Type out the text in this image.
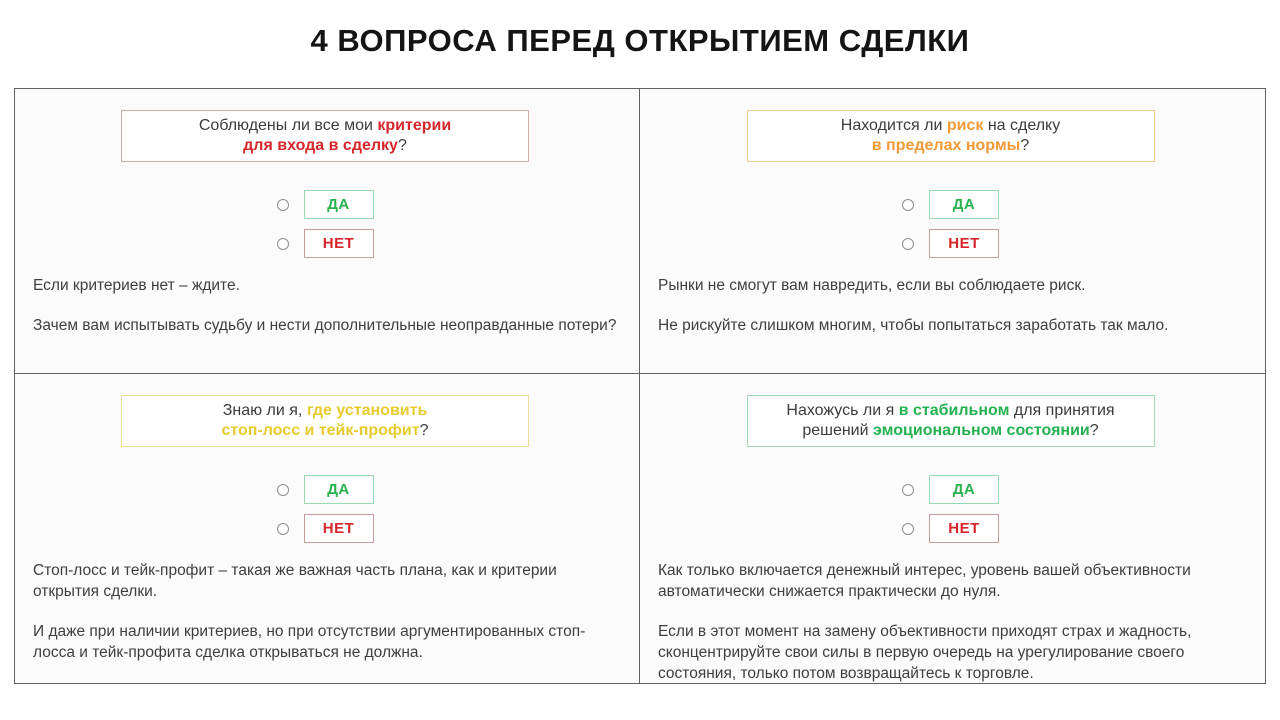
4 ВОПРОСА ПЕРЕД ОТКРЫТИЕМ СДЕЛКИ
Соблюдены ли все мои критерии
для входа в сделку?
ДА
НЕТ

Если критериев нет – ждите.

Зачем вам испытывать судьбу и нести дополнительные неоправданные потери?

Находится ли риск на сделку
в пределах нормы?
ДА
НЕТ

Рынки не смогут вам навредить, если вы соблюдаете риск.

Не рискуйте слишком многим, чтобы попытаться заработать так мало.

Знаю ли я, где установить
стоп-лосс и тейк-профит?
ДА
НЕТ

Стоп-лосс и тейк-профит – такая же важная часть плана, как и критерии открытия сделки.

И даже при наличии критериев, но при отсутствии аргументированных стоп-лосса и тейк-профита сделка открываться не должна.

Нахожусь ли я в стабильном для принятия
решений эмоциональном состоянии?
ДА
НЕТ

Как только включается денежный интерес, уровень вашей объективности автоматически снижается практически до нуля.

Если в этот момент на замену объективности приходят страх и жадность, сконцентрируйте свои силы в первую очередь на урегулирование своего состояния, только потом возвращайтесь к торговле.
